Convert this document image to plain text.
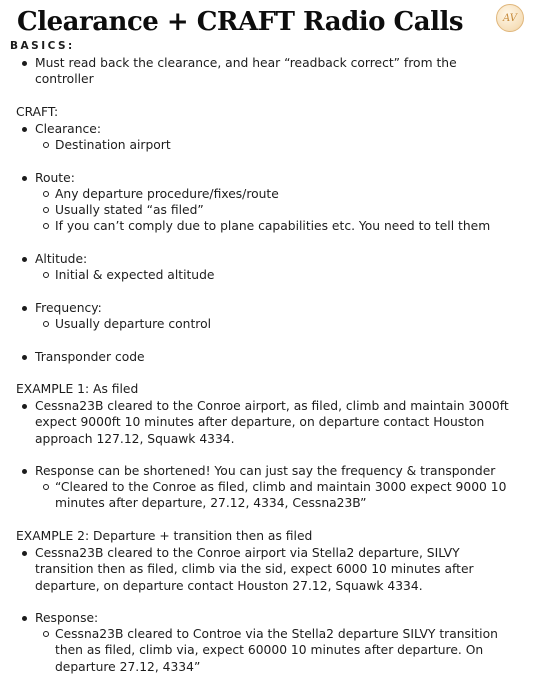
Clearance + CRAFT Radio Calls	AV
BASICS:
Must read back the clearance, and hear “readback correct” from the controller
CRAFT:
Clearance:
Destination airport
Route:
Any departure procedure/fixes/route
Usually stated “as filed”
If you can’t comply due to plane capabilities etc. You need to tell them
Altitude:
Initial & expected altitude
Frequency:
Usually departure control
Transponder code
EXAMPLE 1: As filed
Cessna23B cleared to the Conroe airport, as filed, climb and maintain 3000ft expect 9000ft 10 minutes after departure, on departure contact Houston approach 127.12, Squawk 4334.
Response can be shortened! You can just say the frequency & transponder
“Cleared to the Conroe as filed, climb and maintain 3000 expect 9000 10 minutes after departure, 27.12, 4334, Cessna23B”
EXAMPLE 2: Departure + transition then as filed
Cessna23B cleared to the Conroe airport via Stella2 departure, SILVY transition then as filed, climb via the sid, expect 6000 10 minutes after departure, on departure contact Houston 27.12, Squawk 4334.
Response:
Cessna23B cleared to Controe via the Stella2 departure SILVY transition then as filed, climb via, expect 60000 10 minutes after departure. On departure 27.12, 4334”
